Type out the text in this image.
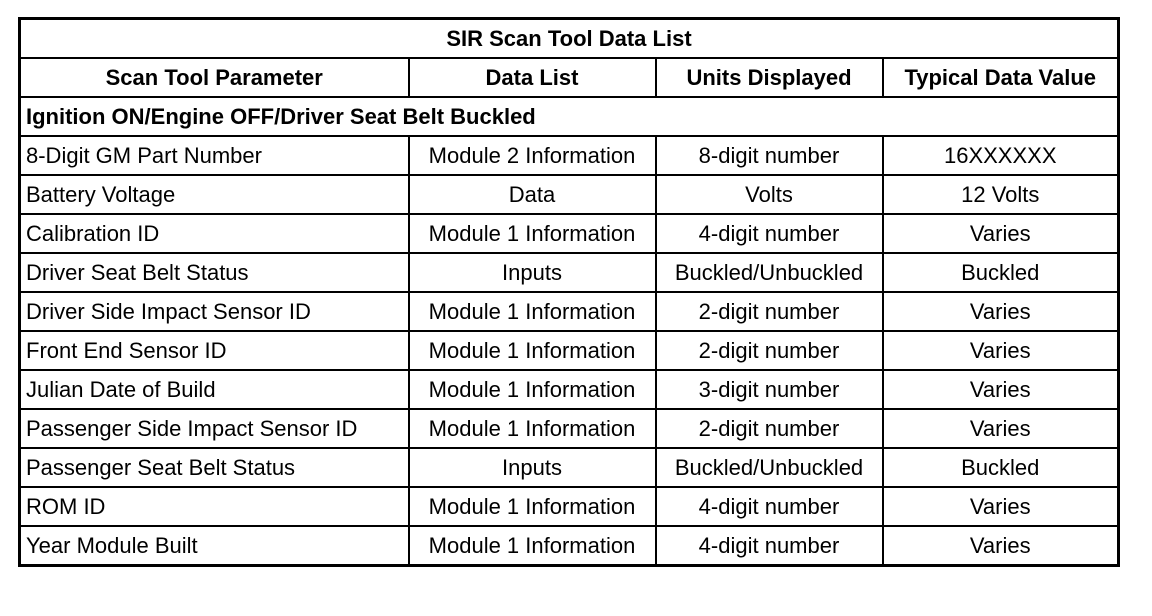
SIR Scan Tool Data List			
Scan Tool Parameter	Data List	Units Displayed	Typical Data Value
Ignition ON/Engine OFF/Driver Seat Belt Buckled			
8-Digit GM Part Number	Module 2 Information	8-digit number	16XXXXXX
Battery Voltage	Data	Volts	12 Volts
Calibration ID	Module 1 Information	4-digit number	Varies
Driver Seat Belt Status	Inputs	Buckled/Unbuckled	Buckled
Driver Side Impact Sensor ID	Module 1 Information	2-digit number	Varies
Front End Sensor ID	Module 1 Information	2-digit number	Varies
Julian Date of Build	Module 1 Information	3-digit number	Varies
Passenger Side Impact Sensor ID	Module 1 Information	2-digit number	Varies
Passenger Seat Belt Status	Inputs	Buckled/Unbuckled	Buckled
ROM ID	Module 1 Information	4-digit number	Varies
Year Module Built	Module 1 Information	4-digit number	Varies
